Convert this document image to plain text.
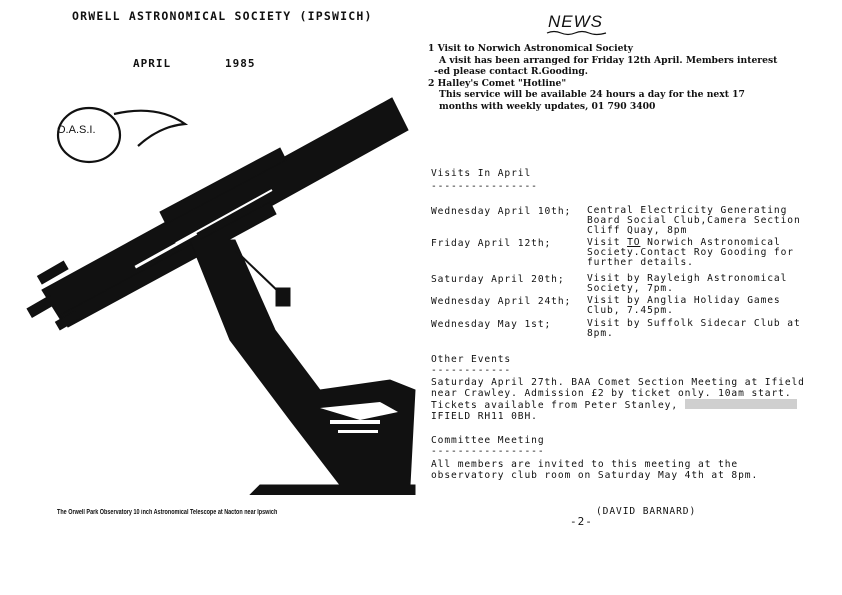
ORWELL ASTRONOMICAL SOCIETY (IPSWICH)
APRIL	1985
O.A.S.I.
The Orwell Park Observatory 10 inch Astronomical Telescope at Nacton near Ipswich
NEWS
1 Visit to Norwich Astronomical Society
A visit has been arranged for Friday 12th April. Members interest
-ed please contact R.Gooding.
2 Halley's Comet "Hotline"
This service will be available 24 hours a day for the next 17
months with weekly updates, 01 790 3400
Visits In April
----------------
Wednesday April 10th; Central Electricity Generating Board Social Club,Camera Section Cliff Quay, 8pm
Friday April 12th;	Visit TO Norwich Astronomical Society.Contact Roy Gooding for further details.
Saturday April 20th; Visit by Rayleigh Astronomical Society, 7pm.
Wednesday April 24th; Visit by Anglia Holiday Games Club, 7.45pm.
Wednesday May 1st;	Visit by Suffolk Sidecar Club at 8pm.
Other Events
------------
Saturday April 27th. BAA Comet Section Meeting at Ifield
near Crawley. Admission £2 by ticket only. 10am start.
Tickets available from Peter Stanley,
IFIELD RH11 0BH.
Committee Meeting
-----------------
All members are invited to this meeting at the
observatory club room on Saturday May 4th at 8pm.
(DAVID BARNARD)
-2-
